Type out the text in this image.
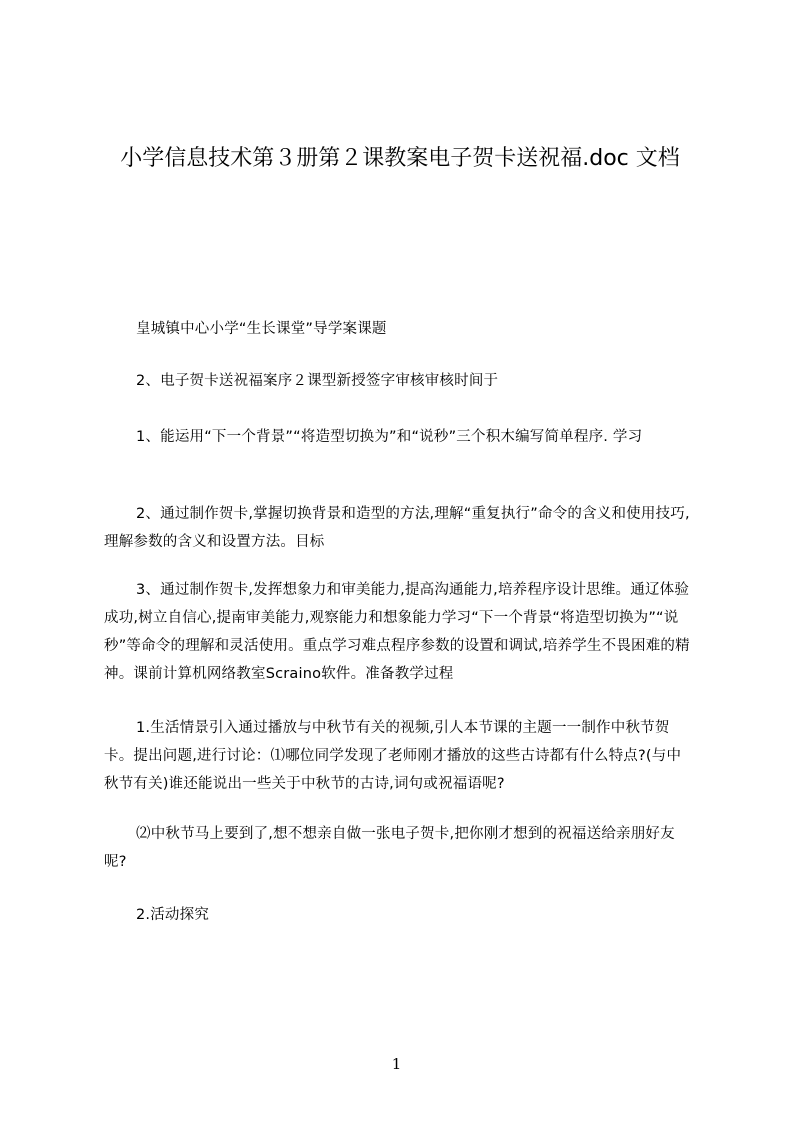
小学信息技术第３册第２课教案电子贺卡送祝福.doc 文档

皇城镇中心小学“生长课堂”导学案课题

2、电子贺卡送祝福案序２课型新授签字审核审核时间于

1、能运用“下一个背景”“将造型切换为”和“说秒”三个积木编写简单程序. 学习

2、通过制作贺卡,掌握切换背景和造型的方法,理解“重复执行”命令的含义和使用技巧,理解参数的含义和设置方法。目标

3、通过制作贺卡,发挥想象力和审美能力,提高沟通能力,培养程序设计思维。通辽体验成功,树立自信心,提南审美能力,观察能力和想象能力学习“下一个背景“将造型切换为”“说秒”等命令的理解和灵活使用。重点学习难点程序参数的设置和调试,培养学生不畏困难的精神。课前计算机网络教室Scraino软件。准备教学过程

1.生活情景引入通过播放与中秋节有关的视频,引人本节课的主题一一制作中秋节贺卡。提出问题,进行讨论：⑴哪位同学发现了老师刚才播放的这些古诗都有什么特点?(与中秋节有关)谁还能说出一些关于中秋节的古诗,词句或祝福语呢?

⑵中秋节马上要到了,想不想亲自做一张电子贺卡,把你刚才想到的祝福送给亲朋好友呢?

2.活动探究

1
